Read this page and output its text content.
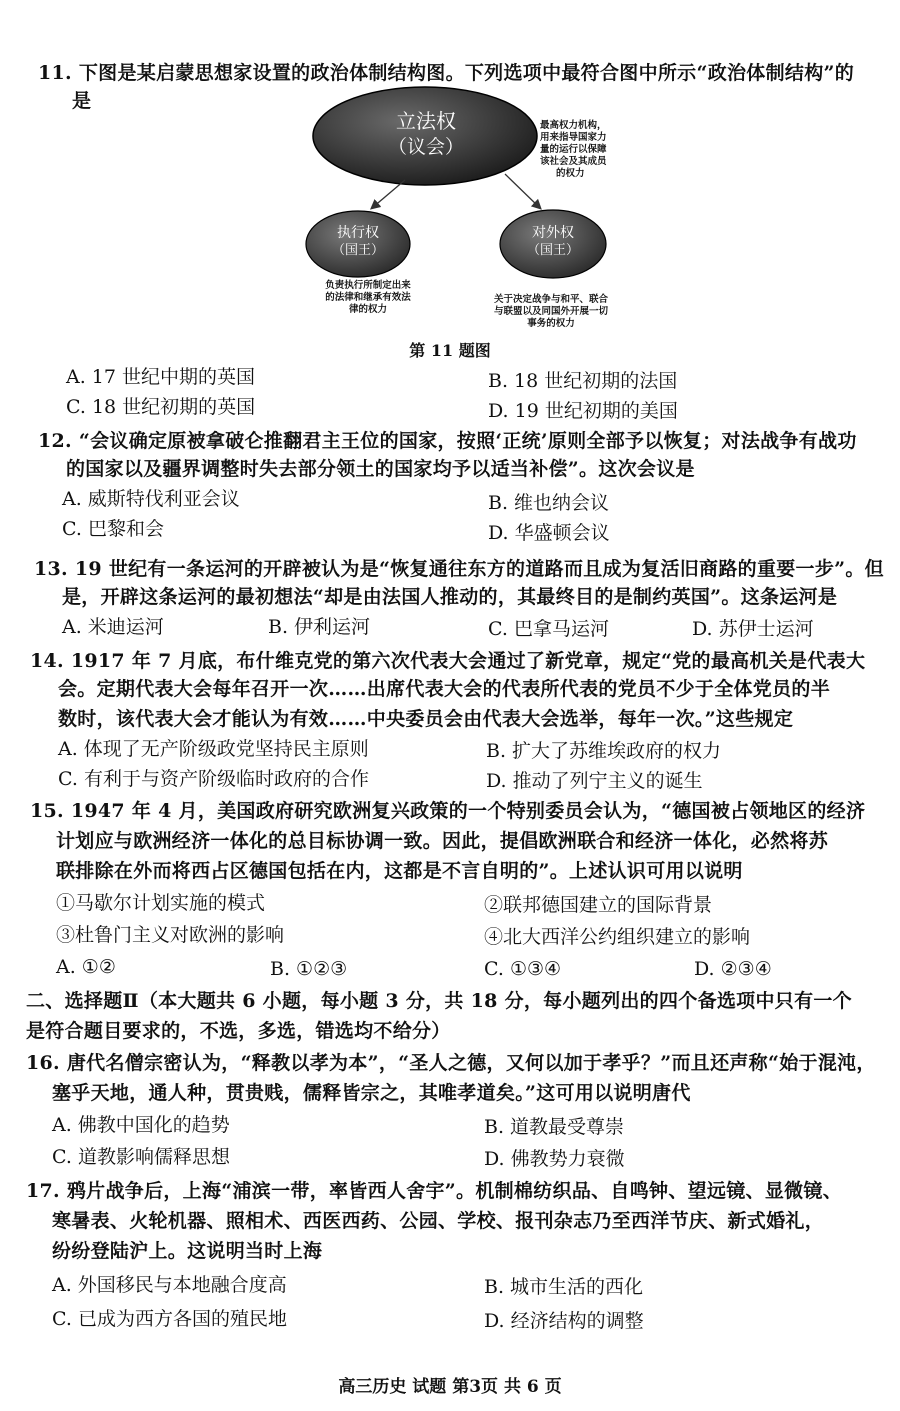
11. 下图是某启蒙思想家设置的政治体制结构图。下列选项中最符合图中所示“政治体制结构”的
是
立法权
（议会）
执行权
（国王）
对外权
（国王）
最高权力机构，
用来指导国家力
量的运行以保障
该社会及其成员
的权力
负责执行所制定出来
的法律和继承有效法
律的权力
关于决定战争与和平、联合
与联盟以及同国外开展一切
事务的权力
第 11 题图
A. 17 世纪中期的英国	B. 18 世纪初期的法国
C. 18 世纪初期的英国	D. 19 世纪初期的美国
12. “会议确定原被拿破仑推翻君主王位的国家，按照‘正统’原则全部予以恢复；对法战争有战功
的国家以及疆界调整时失去部分领土的国家均予以适当补偿”。这次会议是
A. 威斯特伐利亚会议	B. 维也纳会议
C. 巴黎和会	D. 华盛顿会议
13. 19 世纪有一条运河的开辟被认为是“恢复通往东方的道路而且成为复活旧商路的重要一步”。但
是，开辟这条运河的最初想法“却是由法国人推动的，其最终目的是制约英国”。这条运河是
A. 米迪运河	B. 伊利运河	C. 巴拿马运河	D. 苏伊士运河
14. 1917 年 7 月底，布什维克党的第六次代表大会通过了新党章，规定“党的最高机关是代表大
会。定期代表大会每年召开一次……出席代表大会的代表所代表的党员不少于全体党员的半
数时，该代表大会才能认为有效……中央委员会由代表大会选举，每年一次。”这些规定
A. 体现了无产阶级政党坚持民主原则	B. 扩大了苏维埃政府的权力
C. 有利于与资产阶级临时政府的合作	D. 推动了列宁主义的诞生
15. 1947 年 4 月，美国政府研究欧洲复兴政策的一个特别委员会认为，“德国被占领地区的经济
计划应与欧洲经济一体化的总目标协调一致。因此，提倡欧洲联合和经济一体化，必然将苏
联排除在外而将西占区德国包括在内，这都是不言自明的”。上述认识可用以说明
①马歇尔计划实施的模式	②联邦德国建立的国际背景
③杜鲁门主义对欧洲的影响	④北大西洋公约组织建立的影响
A. ①②	B. ①②③	C. ①③④	D. ②③④
二、选择题Ⅱ（本大题共 6 小题，每小题 3 分，共 18 分，每小题列出的四个备选项中只有一个
是符合题目要求的，不选，多选，错选均不给分）
16. 唐代名僧宗密认为，“释教以孝为本”，“圣人之德，又何以加于孝乎？”而且还声称“始于混沌，
塞乎天地，通人种，贯贵贱，儒释皆宗之，其唯孝道矣。”这可用以说明唐代
A. 佛教中国化的趋势	B. 道教最受尊崇
C. 道教影响儒释思想	D. 佛教势力衰微
17. 鸦片战争后，上海“浦滨一带，率皆西人舍宇”。机制棉纺织品、自鸣钟、望远镜、显微镜、
寒暑表、火轮机器、照相术、西医西药、公园、学校、报刊杂志乃至西洋节庆、新式婚礼，
纷纷登陆沪上。这说明当时上海
A. 外国移民与本地融合度高	B. 城市生活的西化
C. 已成为西方各国的殖民地	D. 经济结构的调整
高三历史 试题 第3页 共 6 页
